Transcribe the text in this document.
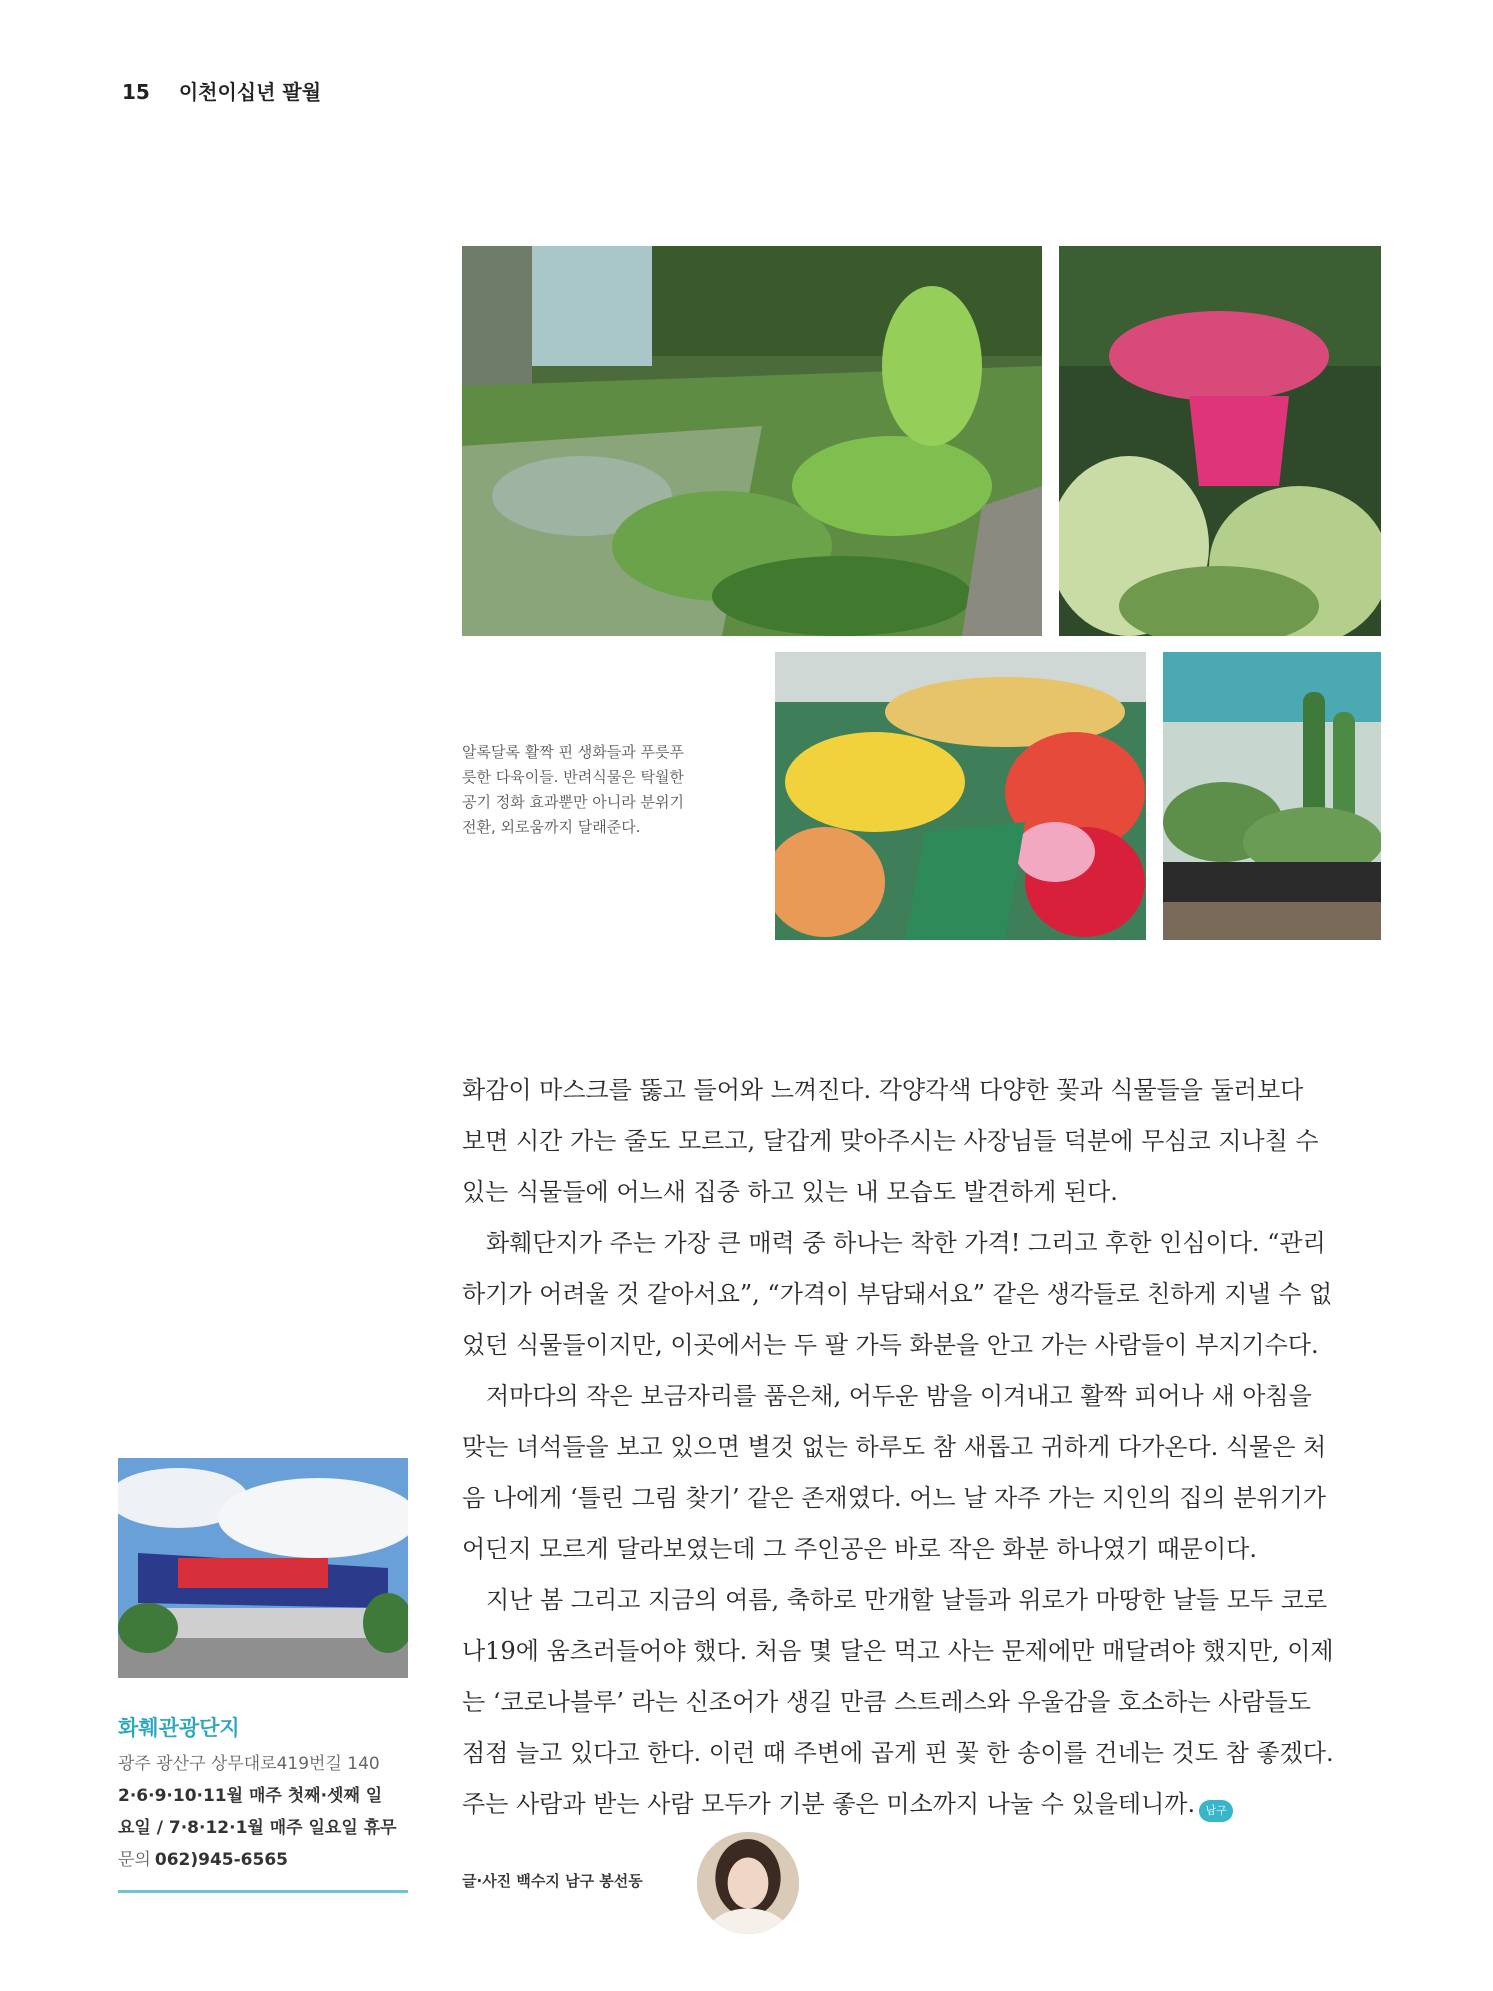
15 이천이십년 팔월

알록달록 활짝 핀 생화들과 푸릇푸

릇한 다육이들. 반려식물은 탁월한

공기 정화 효과뿐만 아니라 분위기

전환, 외로움까지 달래준다.

화감이 마스크를 뚫고 들어와 느껴진다. 각양각색 다양한 꽃과 식물들을 둘러보다
보면 시간 가는 줄도 모르고, 달갑게 맞아주시는 사장님들 덕분에 무심코 지나칠 수
있는 식물들에 어느새 집중 하고 있는 내 모습도 발견하게 된다.
화훼단지가 주는 가장 큰 매력 중 하나는 착한 가격! 그리고 후한 인심이다. “관리
하기가 어려울 것 같아서요”, “가격이 부담돼서요” 같은 생각들로 친하게 지낼 수 없
었던 식물들이지만, 이곳에서는 두 팔 가득 화분을 안고 가는 사람들이 부지기수다.
저마다의 작은 보금자리를 품은채, 어두운 밤을 이겨내고 활짝 피어나 새 아침을
맞는 녀석들을 보고 있으면 별것 없는 하루도 참 새롭고 귀하게 다가온다. 식물은 처
음 나에게 ‘틀린 그림 찾기’ 같은 존재였다. 어느 날 자주 가는 지인의 집의 분위기가
어딘지 모르게 달라보였는데 그 주인공은 바로 작은 화분 하나였기 때문이다.
지난 봄 그리고 지금의 여름, 축하로 만개할 날들과 위로가 마땅한 날들 모두 코로
나19에 움츠러들어야 했다. 처음 몇 달은 먹고 사는 문제에만 매달려야 했지만, 이제
는 ‘코로나블루’ 라는 신조어가 생길 만큼 스트레스와 우울감을 호소하는 사람들도
점점 늘고 있다고 한다. 이런 때 주변에 곱게 핀 꽃 한 송이를 건네는 것도 참 좋겠다.
주는 사람과 받는 사람 모두가 기분 좋은 미소까지 나눌 수 있을테니까. 남구
화훼관광단지
광주 광산구 상무대로419번길 140
2·6·9·10·11월 매주 첫째·셋째 일
요일 / 7·8·12·1월 매주 일요일 휴무
문의 062)945-6565
글·사진 백수지 남구 봉선동
